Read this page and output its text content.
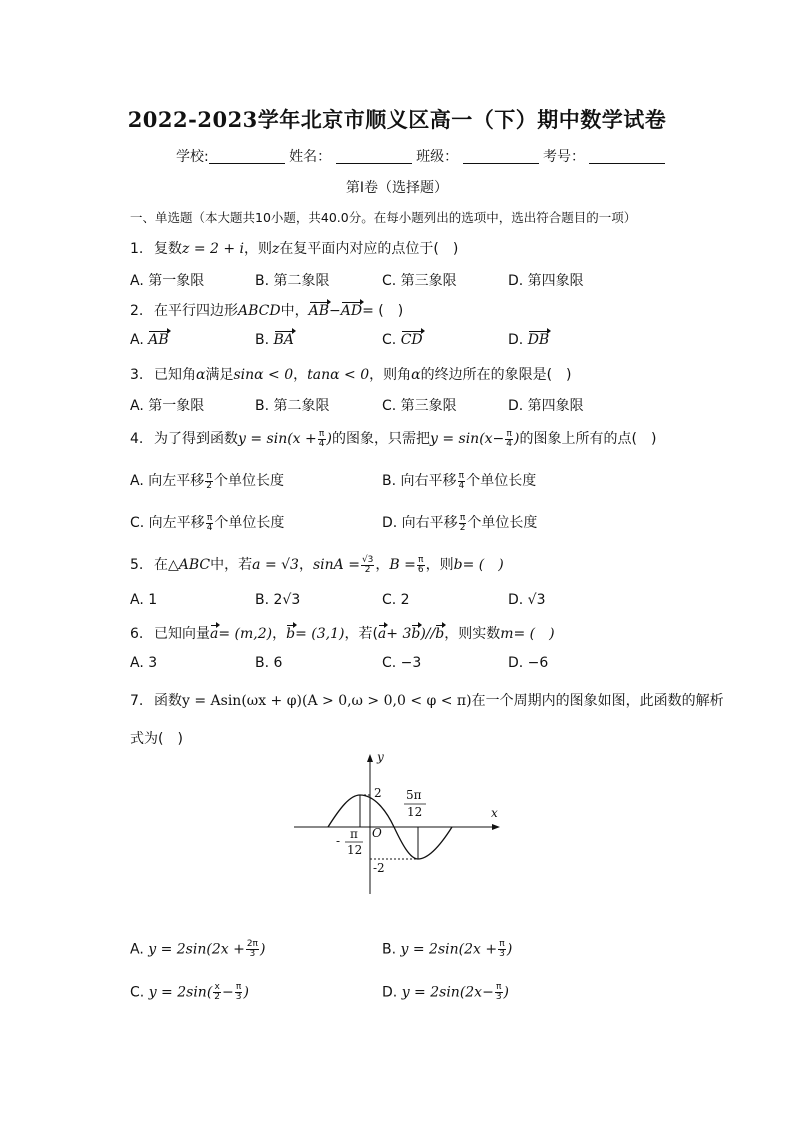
2022-2023学年北京市顺义区高一（下）期中数学试卷
学校:	姓名：	班级：	考号：
第I卷（选择题）
一、单选题（本大题共10小题，共40.0分。在每小题列出的选项中，选出符合题目的一项）
1. 复数z = 2 + i，则z在复平面内对应的点位于(　)
A. 第一象限	B. 第二象限	C. 第三象限	D. 第四象限
2. 在平行四边形ABCD中，AB−AD= (　)
A. AB	B. BA	C. CD	D. DB
3. 已知角α满足sinα < 0，tanα < 0，则角α的终边所在的象限是(　)
A. 第一象限	B. 第二象限	C. 第三象限	D. 第四象限
4. 为了得到函数$y = \sin(x + \frac{\pi}{4}$ )的图象，只需把$y = \sin(x- \frac{\pi}{4}$ )的图象上所有的点(　)
A. 向左平移 $\frac{\pi}{2}$ 个单位长度	B. 向右平移 $\frac{\pi}{4}$ 个单位长度
C. 向左平移 $\frac{\pi}{4}$ 个单位长度	D. 向右平移 $\frac{\pi}{2}$ 个单位长度
5. 在△ABC中，若a = √3，$\sin A = \frac{√3}{2}$ ，$B = \frac{\pi}{6}$ ，则b= (　)
A. 1	B. 2√3	C. 2	D. √3
6. 已知向量a= (m,2)，b= (3,1)，若(a+ 3b)//b，则实数m= (　)
A. 3	B. 6	C. −3	D. −6
7. 函数y = Asin(ωx + φ)(A > 0,ω > 0,0 < φ < π)在一个周期内的图象如图，此函数的解析
式为(　)
y
x
O
2
-2
5π
12
π
12
-
A. $y = 2\sin(2x + \frac{2\pi}{3}$ )	B. $y = 2\sin(2x + \frac{\pi}{3}$ )
C. $y = 2\sin( \frac{x}{2} - \frac{\pi}{3}$ )	D. $y = 2\sin(2x- \frac{\pi}{3}$ )
